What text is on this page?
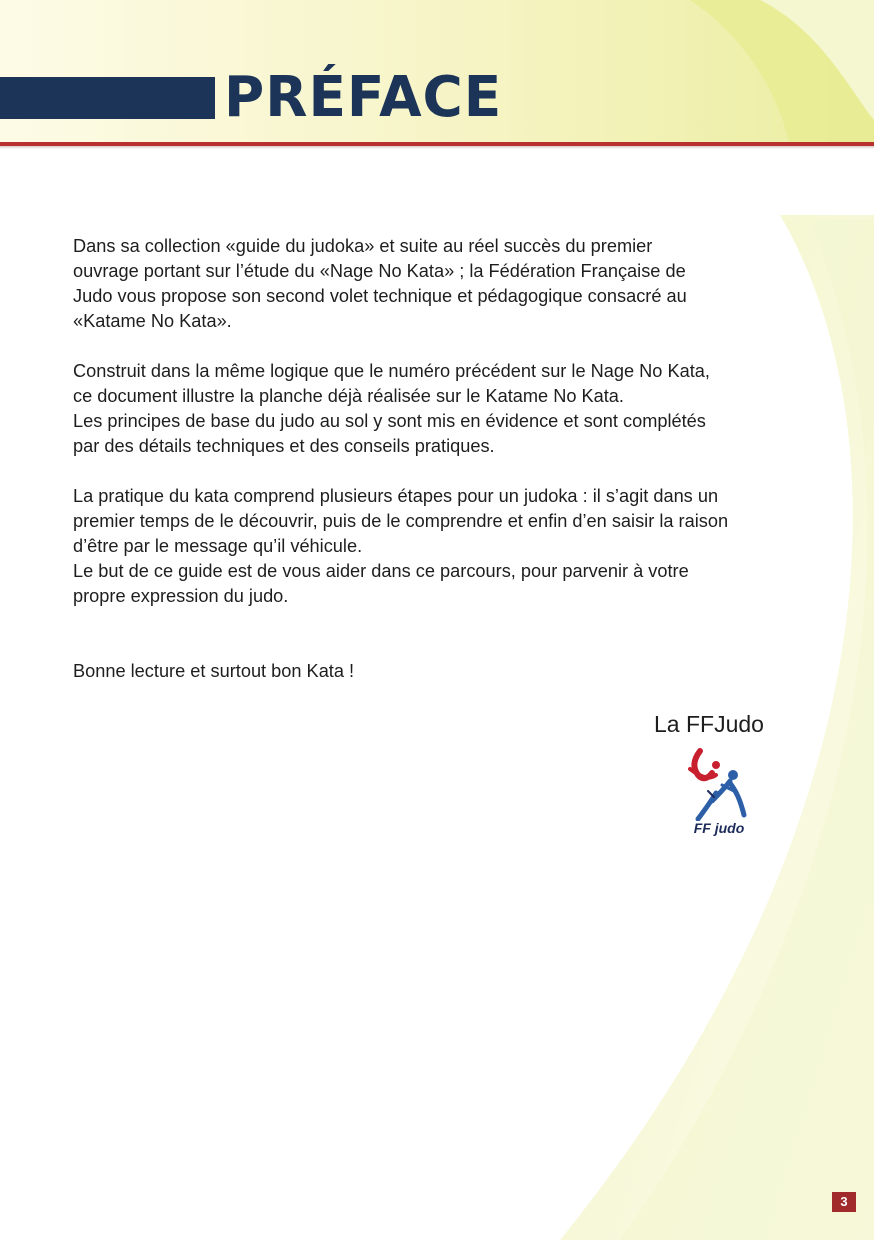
PRÉFACE

Dans sa collection «guide du judoka» et suite au réel succès du premier
ouvrage portant sur l’étude du «Nage No Kata» ; la Fédération Française de
Judo vous propose son second volet technique et pédagogique consacré au
«Katame No Kata».

Construit dans la même logique que le numéro précédent sur le Nage No Kata,
ce document illustre la planche déjà réalisée sur le Katame No Kata.
Les principes de base du judo au sol y sont mis en évidence et sont complétés
par des détails techniques et des conseils pratiques.

La pratique du kata comprend plusieurs étapes pour un judoka : il s’agit dans un
premier temps de le découvrir, puis de le comprendre et enfin d’en saisir la raison
d’être par le message qu’il véhicule.
Le but de ce guide est de vous aider dans ce parcours, pour parvenir à votre
propre expression du judo.

Bonne lecture et surtout bon Kata !

La FFJudo
FF judo
3
